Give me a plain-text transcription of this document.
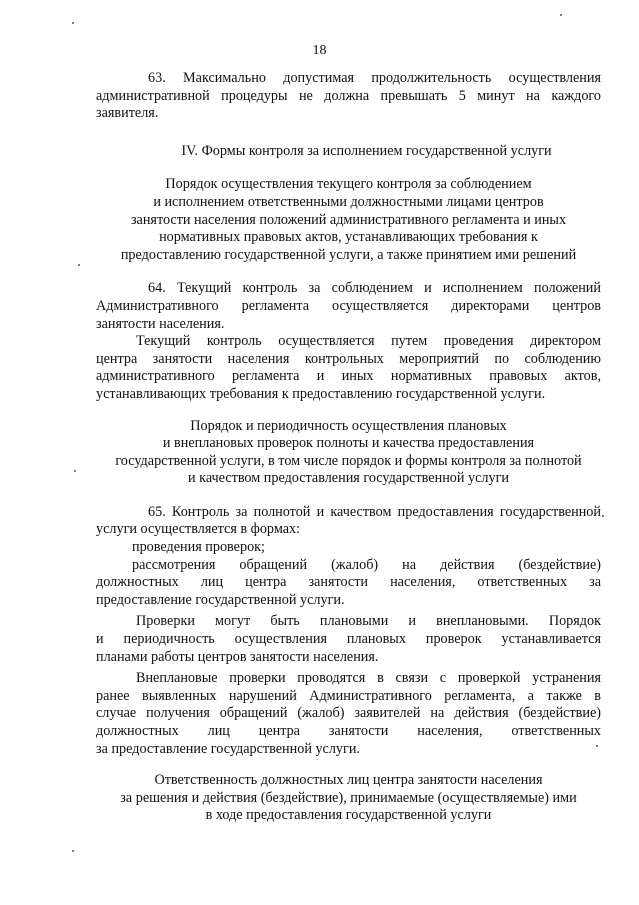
18
63. Максимально допустимая продолжительность осуществления
административной процедуры не должна превышать 5 минут на каждого
заявителя.
IV. Формы контроля за исполнением государственной услуги
Порядок осуществления текущего контроля за соблюдением
и исполнением ответственными должностными лицами центров
занятости населения положений административного регламента и иных
нормативных правовых актов, устанавливающих требования к
предоставлению государственной услуги, а также принятием ими решений
64. Текущий контроль за соблюдением и исполнением положений
Административного регламента осуществляется директорами центров
занятости населения.
Текущий контроль осуществляется путем проведения директором
центра занятости населения контрольных мероприятий по соблюдению
административного регламента и иных нормативных правовых актов,
устанавливающих требования к предоставлению государственной услуги.
Порядок и периодичность осуществления плановых
и внеплановых проверок полноты и качества предоставления
государственной услуги, в том числе порядок и формы контроля за полнотой
и качеством предоставления государственной услуги
65. Контроль за полнотой и качеством предоставления государственной
услуги осуществляется в формах:
проведения проверок;
рассмотрения обращений (жалоб) на действия (бездействие)
должностных лиц центра занятости населения, ответственных за
предоставление государственной услуги.
Проверки могут быть плановыми и внеплановыми. Порядок
и периодичность осуществления плановых проверок устанавливается
планами работы центров занятости населения.
Внеплановые проверки проводятся в связи с проверкой устранения
ранее выявленных нарушений Административного регламента, а также в
случае получения обращений (жалоб) заявителей на действия (бездействие)
должностных лиц центра занятости населения, ответственных
за предоставление государственной услуги.
Ответственность должностных лиц центра занятости населения
за решения и действия (бездействие), принимаемые (осуществляемые) ими
в ходе предоставления государственной услуги
